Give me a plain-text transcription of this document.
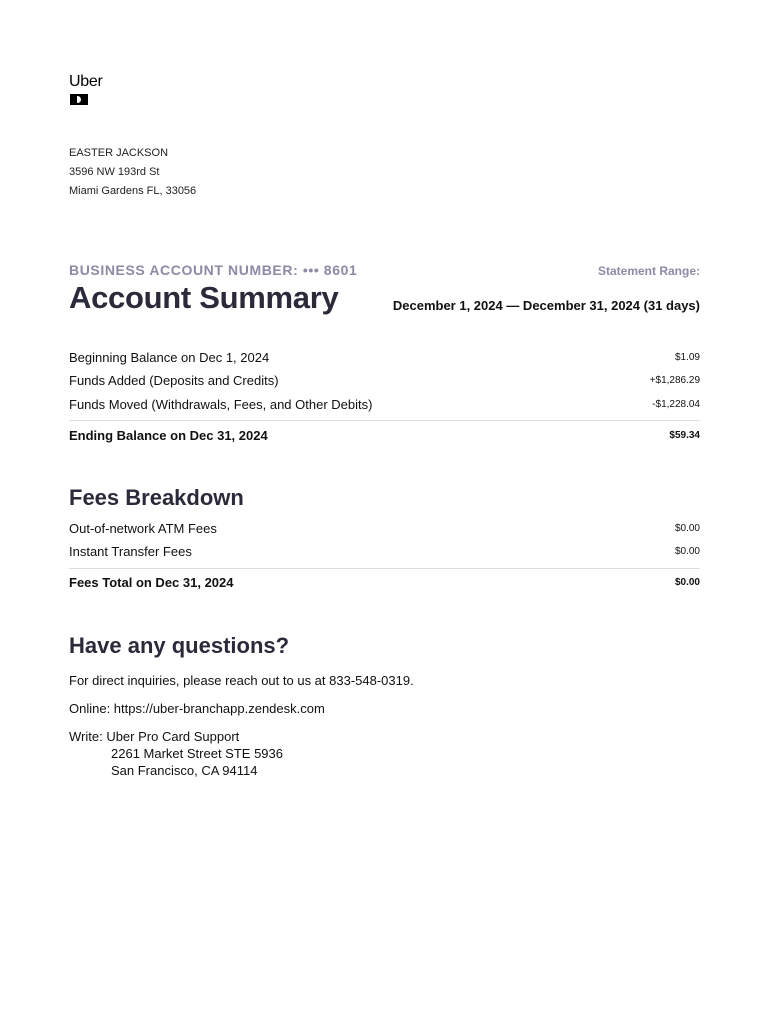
Uber
EASTER JACKSON
3596 NW 193rd St
Miami Gardens FL, 33056
BUSINESS ACCOUNT NUMBER: ••• 8601	Statement Range:
Account Summary	December 1, 2024 — December 31, 2024 (31 days)
Beginning Balance on Dec 1, 2024	$1.09
Funds Added (Deposits and Credits)	+$1,286.29
Funds Moved (Withdrawals, Fees, and Other Debits)	-$1,228.04
Ending Balance on Dec 31, 2024	$59.34
Fees Breakdown
Out-of-network ATM Fees	$0.00
Instant Transfer Fees	$0.00
Fees Total on Dec 31, 2024	$0.00
Have any questions?
For direct inquiries, please reach out to us at 833-548-0319.
Online: https://uber-branchapp.zendesk.com
Write: Uber Pro Card Support
2261 Market Street STE 5936
San Francisco, CA 94114
